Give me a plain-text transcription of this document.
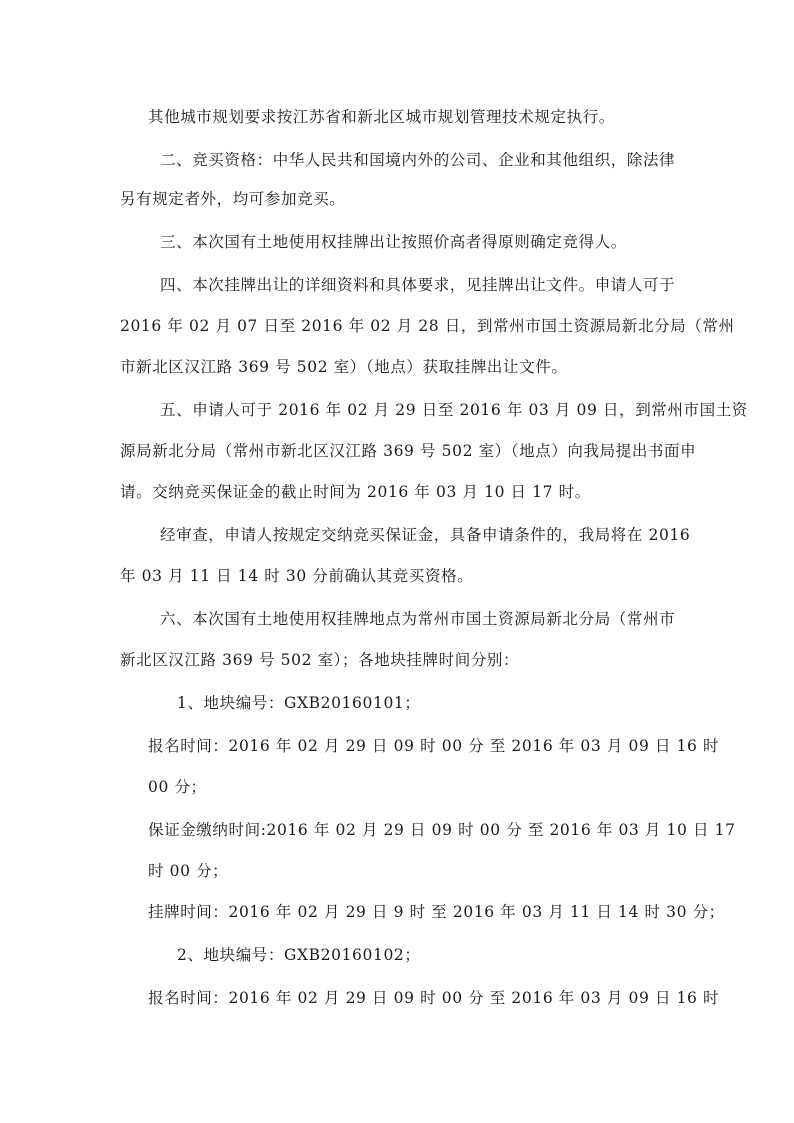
其他城市规划要求按江苏省和新北区城市规划管理技术规定执行。
二、竞买资格：中华人民共和国境内外的公司、企业和其他组织，除法律
另有规定者外，均可参加竞买。
三、本次国有土地使用权挂牌出让按照价高者得原则确定竞得人。
四、本次挂牌出让的详细资料和具体要求，见挂牌出让文件。申请人可于
2016 年 02 月 07 日至 2016 年 02 月 28 日，到常州市国土资源局新北分局（常州
市新北区汉江路 369 号 502 室）（地点）获取挂牌出让文件。
五、申请人可于 2016 年 02 月 29 日至 2016 年 03 月 09 日，到常州市国土资
源局新北分局（常州市新北区汉江路 369 号 502 室）（地点）向我局提出书面申
请。交纳竞买保证金的截止时间为 2016 年 03 月 10 日 17 时。
经审查，申请人按规定交纳竞买保证金，具备申请条件的，我局将在 2016
年 03 月 11 日 14 时 30 分前确认其竞买资格。
六、本次国有土地使用权挂牌地点为常州市国土资源局新北分局（常州市
新北区汉江路 369 号 502 室）；各地块挂牌时间分别：
1、地块编号：GXB20160101；
报名时间：2016 年 02 月 29 日 09 时 00 分 至 2016 年 03 月 09 日 16 时
00 分；
保证金缴纳时间:2016 年 02 月 29 日 09 时 00 分 至 2016 年 03 月 10 日 17
时 00 分；
挂牌时间：2016 年 02 月 29 日 9 时 至 2016 年 03 月 11 日 14 时 30 分；
2、地块编号：GXB20160102；
报名时间：2016 年 02 月 29 日 09 时 00 分 至 2016 年 03 月 09 日 16 时
